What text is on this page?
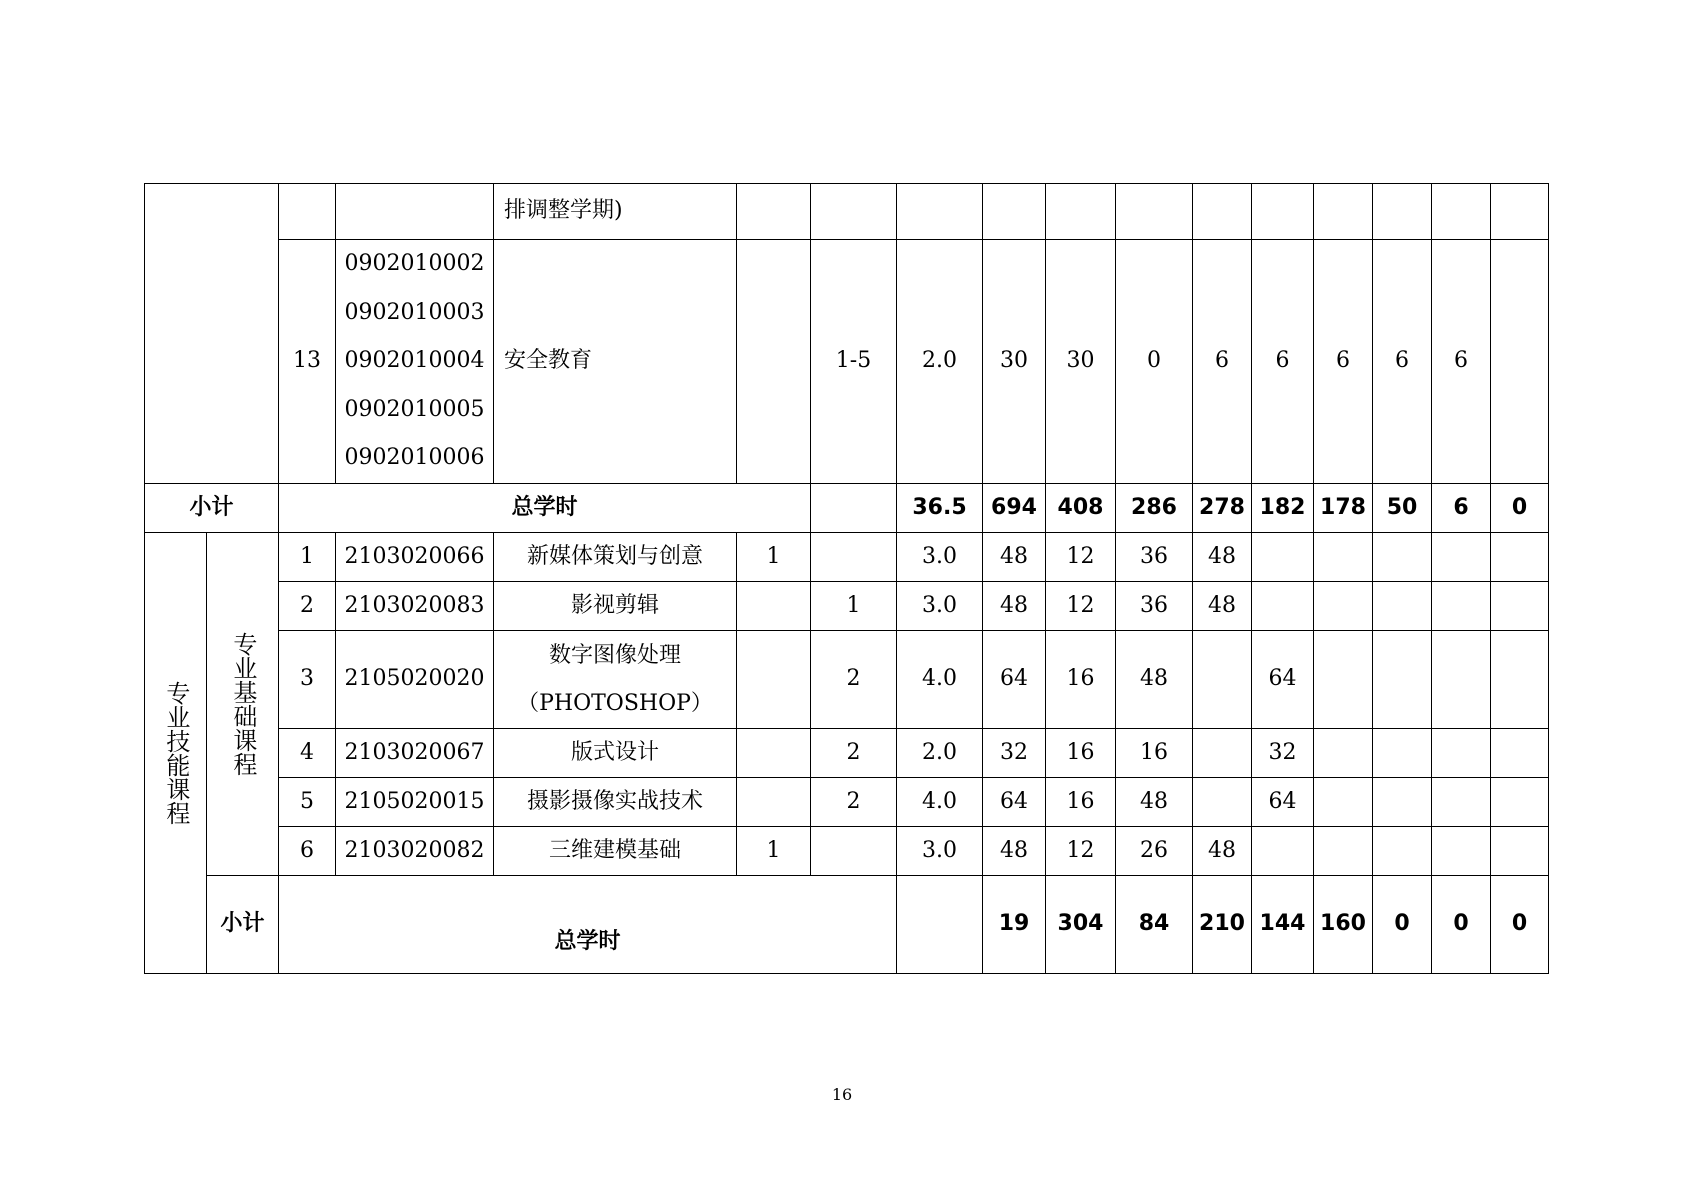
				排调整学期)													
		13	0902010002
0902010003
0902010004
0902010005
0902010006	安全教育		1-5	2.0	30	30	0	6	6	6	6	6		
小计		总学时					36.5	694	408	286	278	182	178	50	6	0	

专业技能课程	专业基础课程	1	2103020066	新媒体策划与创意	1		3.0	48	12	36	48						
		2	2103020083	影视剪辑		1	3.0	48	12	36	48						
		3	2105020020	数字图像处理
（PHOTOSHOP）		2	4.0	64	16	48		64					
		4	2103020067	版式设计		2	2.0	32	16	16		32					
		5	2105020015	摄影摄像实战技术		2	4.0	64	16	48		64					
		6	2103020082	三维建模基础	1		3.0	48	12	26	48						
	小计	总学时						19	304	84	210	144	160	0	0	0	
16
